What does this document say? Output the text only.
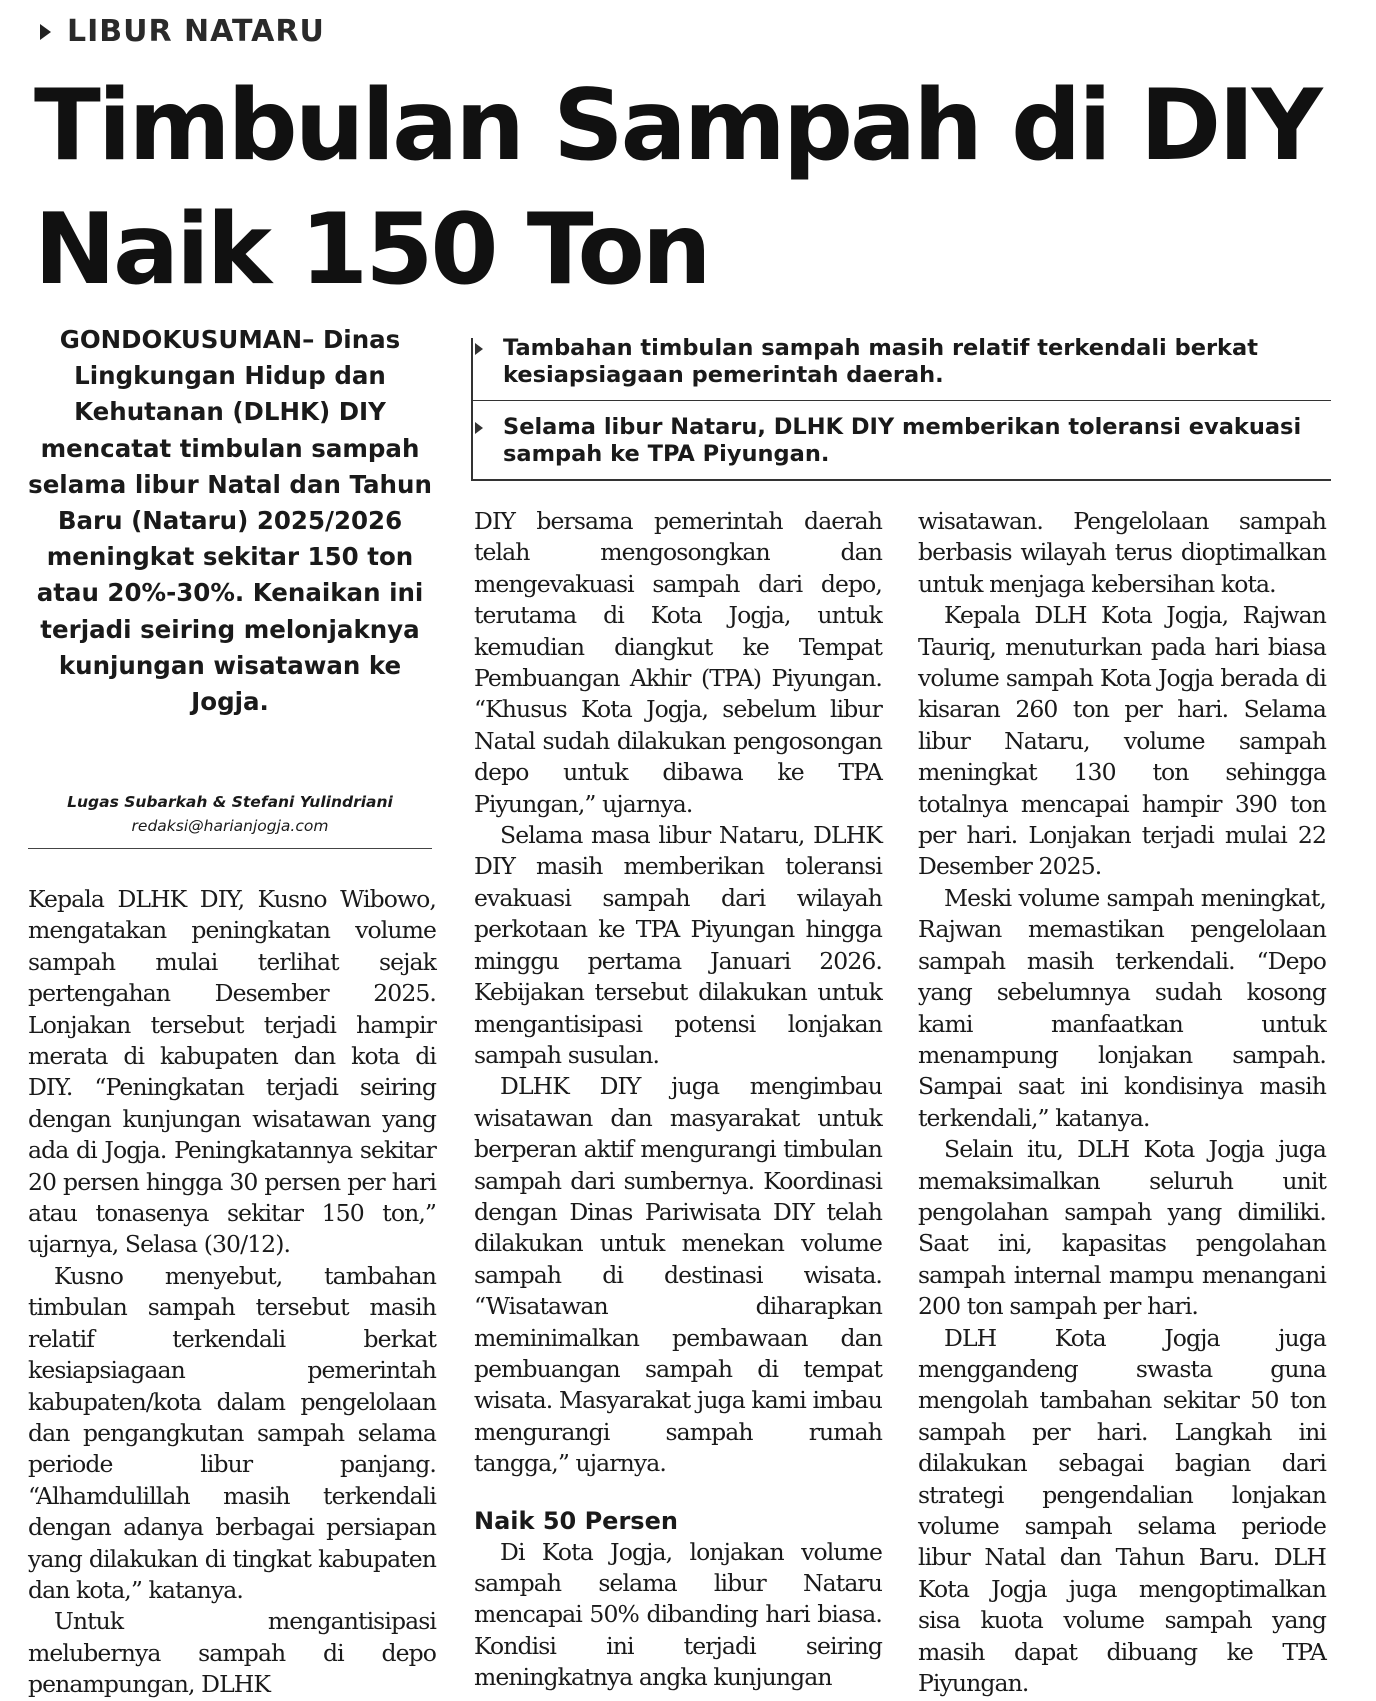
LIBUR NATARU
Timbulan Sampah di DIY
Naik 150 Ton

GONDOKUSUMAN– Dinas Lingkungan Hidup dan Kehutanan (DLHK) DIY mencatat timbulan sampah selama libur Natal dan Tahun Baru (Nataru) 2025/2026 meningkat sekitar 150 ton atau 20%-30%. Kenaikan ini terjadi seiring melonjaknya kunjungan wisatawan ke Jogja.

Lugas Subarkah & Stefani Yulindriani
redaksi@harianjogja.com
Tambahan timbulan sampah masih relatif terkendali berkat kesiapsiagaan pemerintah daerah.
Selama libur Nataru, DLHK DIY memberikan toleransi evakuasi sampah ke TPA Piyungan.

Kepala DLHK DIY, Kusno Wibowo, mengatakan peningkatan volume sampah mulai terlihat sejak pertengahan Desember 2025. Lonjakan tersebut terjadi hampir merata di kabupaten dan kota di DIY. “Peningkatan terjadi seiring dengan kunjungan wisatawan yang ada di Jogja. Peningkatannya sekitar 20 persen hingga 30 persen per hari atau tonasenya sekitar 150 ton,” ujarnya, Selasa (30/12).

Kusno menyebut, tambahan timbulan sampah tersebut masih relatif terkendali berkat kesiapsiagaan pemerintah kabupaten/kota dalam pengelolaan dan pengangkutan sampah selama periode libur panjang. “Alhamdulillah masih terkendali dengan adanya berbagai persiapan yang dilakukan di tingkat kabupaten dan kota,” katanya.

Untuk mengantisipasi melubernya sampah di depo penampungan, DLHK

DIY bersama pemerintah daerah telah mengosongkan dan mengevakuasi sampah dari depo, terutama di Kota Jogja, untuk kemudian diangkut ke Tempat Pembuangan Akhir (TPA) Piyungan. “Khusus Kota Jogja, sebelum libur Natal sudah dilakukan pengosongan depo untuk dibawa ke TPA Piyungan,” ujarnya.

Selama masa libur Nataru, DLHK DIY masih memberikan toleransi evakuasi sampah dari wilayah perkotaan ke TPA Piyungan hingga minggu pertama Januari 2026. Kebijakan tersebut dilakukan untuk mengantisipasi potensi lonjakan sampah susulan.

DLHK DIY juga mengimbau wisatawan dan masyarakat untuk berperan aktif mengurangi timbulan sampah dari sumbernya. Koordinasi dengan Dinas Pariwisata DIY telah dilakukan untuk menekan volume sampah di destinasi wisata. “Wisatawan diharapkan meminimalkan pembawaan dan pembuangan sampah di tempat wisata. Masyarakat juga kami imbau mengurangi sampah rumah tangga,” ujarnya.

Naik 50 Persen

Di Kota Jogja, lonjakan volume sampah selama libur Nataru mencapai 50% dibanding hari biasa. Kondisi ini terjadi seiring meningkatnya angka kunjungan

wisatawan. Pengelolaan sampah berbasis wilayah terus dioptimalkan untuk menjaga kebersihan kota.

Kepala DLH Kota Jogja, Rajwan Tauriq, menuturkan pada hari biasa volume sampah Kota Jogja berada di kisaran 260 ton per hari. Selama libur Nataru, volume sampah meningkat 130 ton sehingga totalnya mencapai hampir 390 ton per hari. Lonjakan terjadi mulai 22 Desember 2025.

Meski volume sampah meningkat, Rajwan memastikan pengelolaan sampah masih terkendali. “Depo yang sebelumnya sudah kosong kami manfaatkan untuk menampung lonjakan sampah. Sampai saat ini kondisinya masih terkendali,” katanya.

Selain itu, DLH Kota Jogja juga memaksimalkan seluruh unit pengolahan sampah yang dimiliki. Saat ini, kapasitas pengolahan sampah internal mampu menangani 200 ton sampah per hari.

DLH Kota Jogja juga menggandeng swasta guna mengolah tambahan sekitar 50 ton sampah per hari. Langkah ini dilakukan sebagai bagian dari strategi pengendalian lonjakan volume sampah selama periode libur Natal dan Tahun Baru. DLH Kota Jogja juga mengoptimalkan sisa kuota volume sampah yang masih dapat dibuang ke TPA Piyungan.
